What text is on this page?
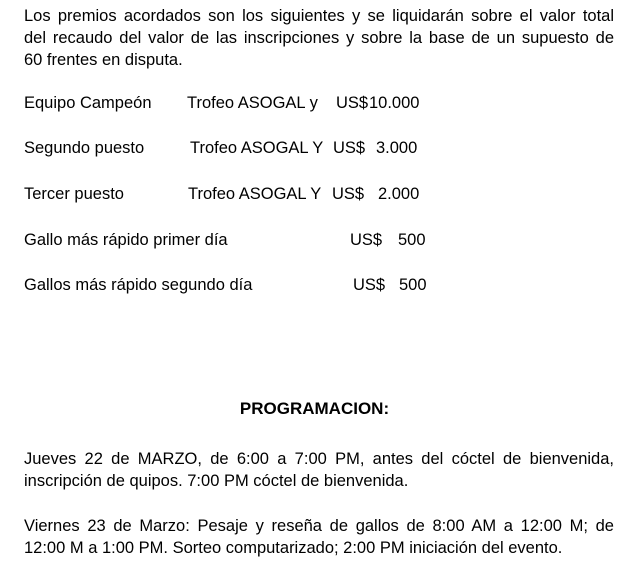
Los premios acordados son los siguientes y se liquidarán sobre el valor total
del recaudo del valor de las inscripciones y sobre la base de un supuesto de
60 frentes en disputa.
Equipo Campeón Trofeo ASOGAL y US$ 10.000
Segundo puesto	Trofeo ASOGAL Y US$ 3.000
Tercer puesto	Trofeo ASOGAL Y US$ 2.000
Gallo más rápido primer día	US$ 500
Gallos más rápido segundo día	US$ 500
PROGRAMACION:
Jueves 22 de MARZO, de 6:00 a 7:00 PM, antes del cóctel de bienvenida,
inscripción de quipos. 7:00 PM cóctel de bienvenida.
Viernes 23 de Marzo: Pesaje y reseña de gallos de 8:00 AM a 12:00 M; de
12:00 M a 1:00 PM. Sorteo computarizado; 2:00 PM iniciación del evento.
